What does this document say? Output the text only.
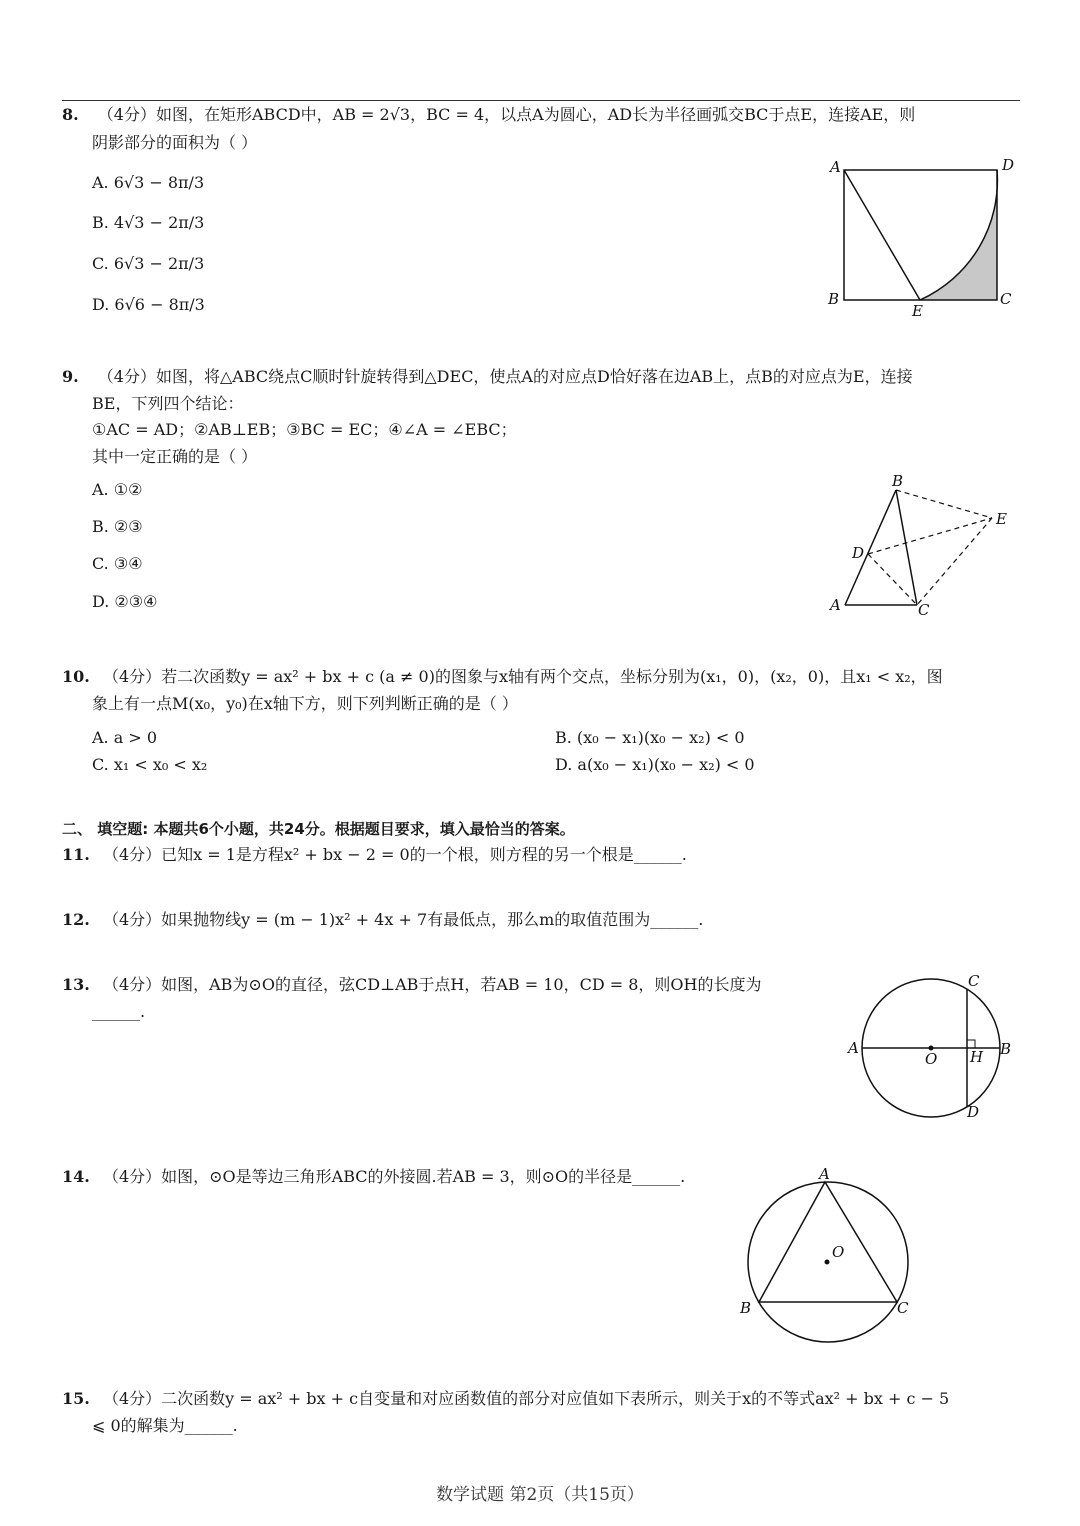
8. （4分）如图，在矩形ABCD中，AB = 2√3，BC = 4，以点A为圆心，AD长为半径画弧交BC于点E，连接AE，则
阴影部分的面积为（ ）
A. 6√3 − 8π/3
B. 4√3 − 2π/3
C. 6√3 − 2π/3
D. 6√6 − 8π/3
A	D
B
E
C
9. （4分）如图，将△ABC绕点C顺时针旋转得到△DEC，使点A的对应点D恰好落在边AB上，点B的对应点为E，连接
BE，下列四个结论：
①AC = AD；②AB⊥EB；③BC = EC；④∠A = ∠EBC；
其中一定正确的是（ ）
A. ①②
B. ②③
C. ③④
D. ②③④
B
E
D
A	C
10. （4分）若二次函数y = ax² + bx + c (a ≠ 0)的图象与x轴有两个交点，坐标分别为(x₁，0)，(x₂，0)，且x₁ < x₂，图
象上有一点M(x₀，y₀)在x轴下方，则下列判断正确的是（ ）
A. a > 0	B. (x₀ − x₁)(x₀ − x₂) < 0
C. x₁ < x₀ < x₂	D. a(x₀ − x₁)(x₀ − x₂) < 0
二、 填空题: 本题共6个小题，共24分。根据题目要求，填入最恰当的答案。
11. （4分）已知x = 1是方程x² + bx − 2 = 0的一个根，则方程的另一个根是______.
12. （4分）如果抛物线y = (m − 1)x² + 4x + 7有最低点，那么m的取值范围为______.
13. （4分）如图，AB为⊙O的直径，弦CD⊥AB于点H，若AB = 10，CD = 8，则OH的长度为
______.
C
A
O H B
D
14. （4分）如图，⊙O是等边三角形ABC的外接圆.若AB = 3，则⊙O的半径是______.	A
O
B	C
15. （4分）二次函数y = ax² + bx + c自变量和对应函数值的部分对应值如下表所示，则关于x的不等式ax² + bx + c − 5
⩽ 0的解集为______.
数学试题 第2页（共15页）
